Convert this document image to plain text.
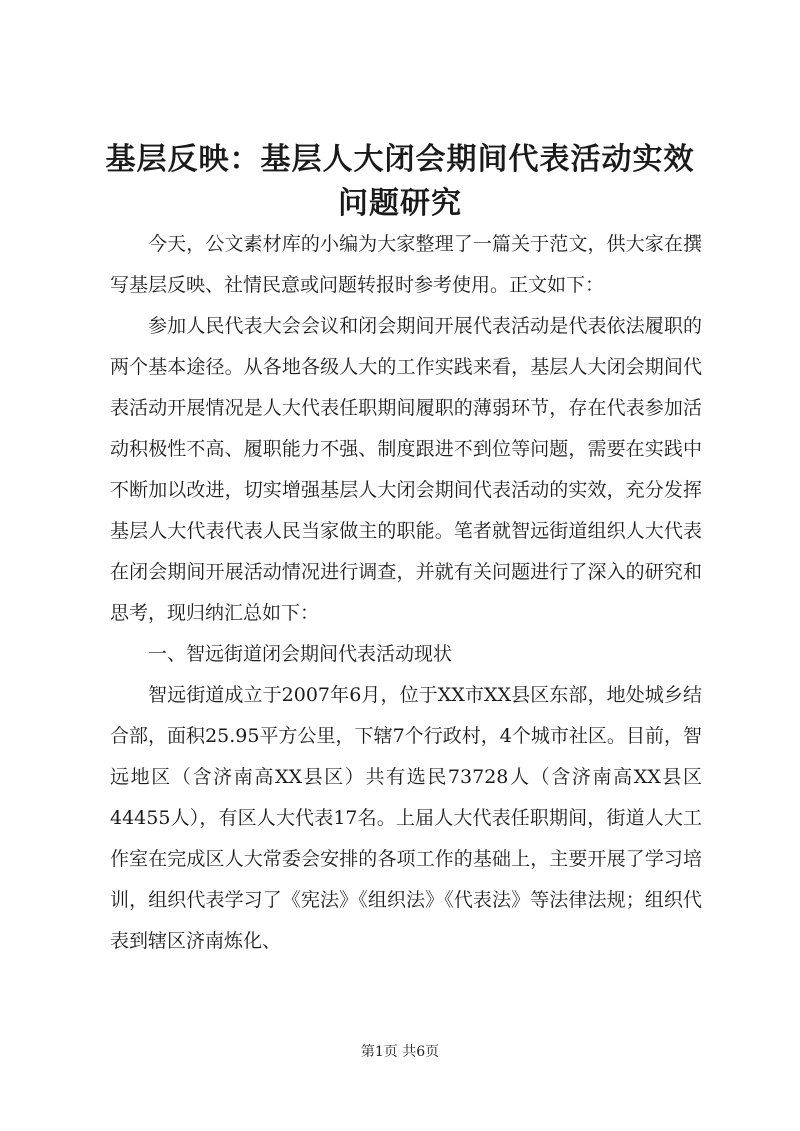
基层反映：基层人大闭会期间代表活动实效问题研究

今天，公文素材库的小编为大家整理了一篇关于范文，供大家在撰写基层反映、社情民意或问题转报时参考使用。正文如下：

参加人民代表大会会议和闭会期间开展代表活动是代表依法履职的两个基本途径。从各地各级人大的工作实践来看，基层人大闭会期间代表活动开展情况是人大代表任职期间履职的薄弱环节，存在代表参加活动积极性不高、履职能力不强、制度跟进不到位等问题，需要在实践中不断加以改进，切实增强基层人大闭会期间代表活动的实效，充分发挥基层人大代表代表人民当家做主的职能。笔者就智远街道组织人大代表在闭会期间开展活动情况进行调查，并就有关问题进行了深入的研究和思考，现归纳汇总如下：

一、智远街道闭会期间代表活动现状

智远街道成立于2007年6月，位于XX市XX县区东部，地处城乡结合部，面积25.95平方公里，下辖7个行政村，4个城市社区。目前，智远地区（含济南高XX县区）共有选民73728人（含济南高XX县区44455人），有区人大代表17名。上届人大代表任职期间，街道人大工作室在完成区人大常委会安排的各项工作的基础上，主要开展了学习培训，组织代表学习了《宪法》《组织法》《代表法》等法律法规；组织代表到辖区济南炼化、

第1页 共6页
